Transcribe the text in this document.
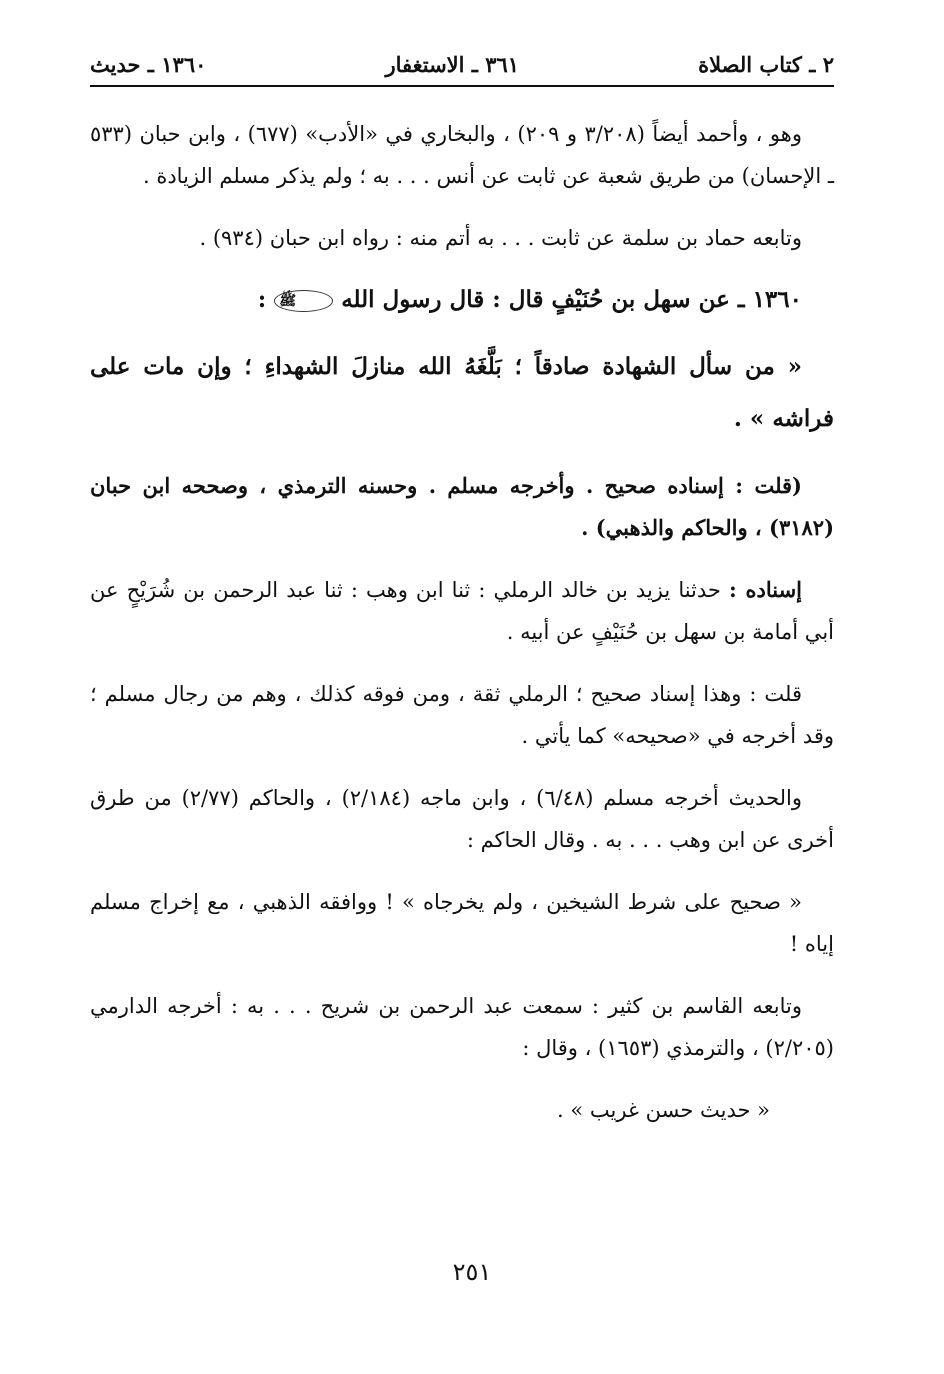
٢ ـ كتاب الصلاة
٣٦١ ـ الاستغفار
١٣٦٠ ـ حديث

وهو ، وأحمد أيضاً (٣/٢٠٨ و ٢٠٩) ، والبخاري في «الأدب» (٦٧٧) ، وابن حبان (٥٣٣ ـ الإحسان) من طريق شعبة عن ثابت عن أنس . . . به ؛ ولم يذكر مسلم الزيادة .

وتابعه حماد بن سلمة عن ثابت . . . به أتم منه : رواه ابن حبان (٩٣٤) .

١٣٦٠ ـ عن سهل بن حُنَيْفٍ قال : قال رسول الله ﷺ :

« من سأل الشهادة صادقاً ؛ بَلَّغَهُ الله منازلَ الشهداءِ ؛ وإن مات على فراشه » .

(قلت : إسناده صحيح . وأخرجه مسلم . وحسنه الترمذي ، وصححه ابن حبان (٣١٨٢) ، والحاكم والذهبي) .

إسناده : حدثنا يزيد بن خالد الرملي : ثنا ابن وهب : ثنا عبد الرحمن بن شُرَيْحٍ عن أبي أمامة بن سهل بن حُنَيْفٍ عن أبيه .

قلت : وهذا إسناد صحيح ؛ الرملي ثقة ، ومن فوقه كذلك ، وهم من رجال مسلم ؛ وقد أخرجه في «صحيحه» كما يأتي .

والحديث أخرجه مسلم (٦/٤٨) ، وابن ماجه (٢/١٨٤) ، والحاكم (٢/٧٧) من طرق أخرى عن ابن وهب . . . به . وقال الحاكم :

« صحيح على شرط الشيخين ، ولم يخرجاه » ! ووافقه الذهبي ، مع إخراج مسلم إياه !

وتابعه القاسم بن كثير : سمعت عبد الرحمن بن شريح . . . به : أخرجه الدارمي (٢/٢٠٥) ، والترمذي (١٦٥٣) ، وقال :

« حديث حسن غريب » .

٢٥١
